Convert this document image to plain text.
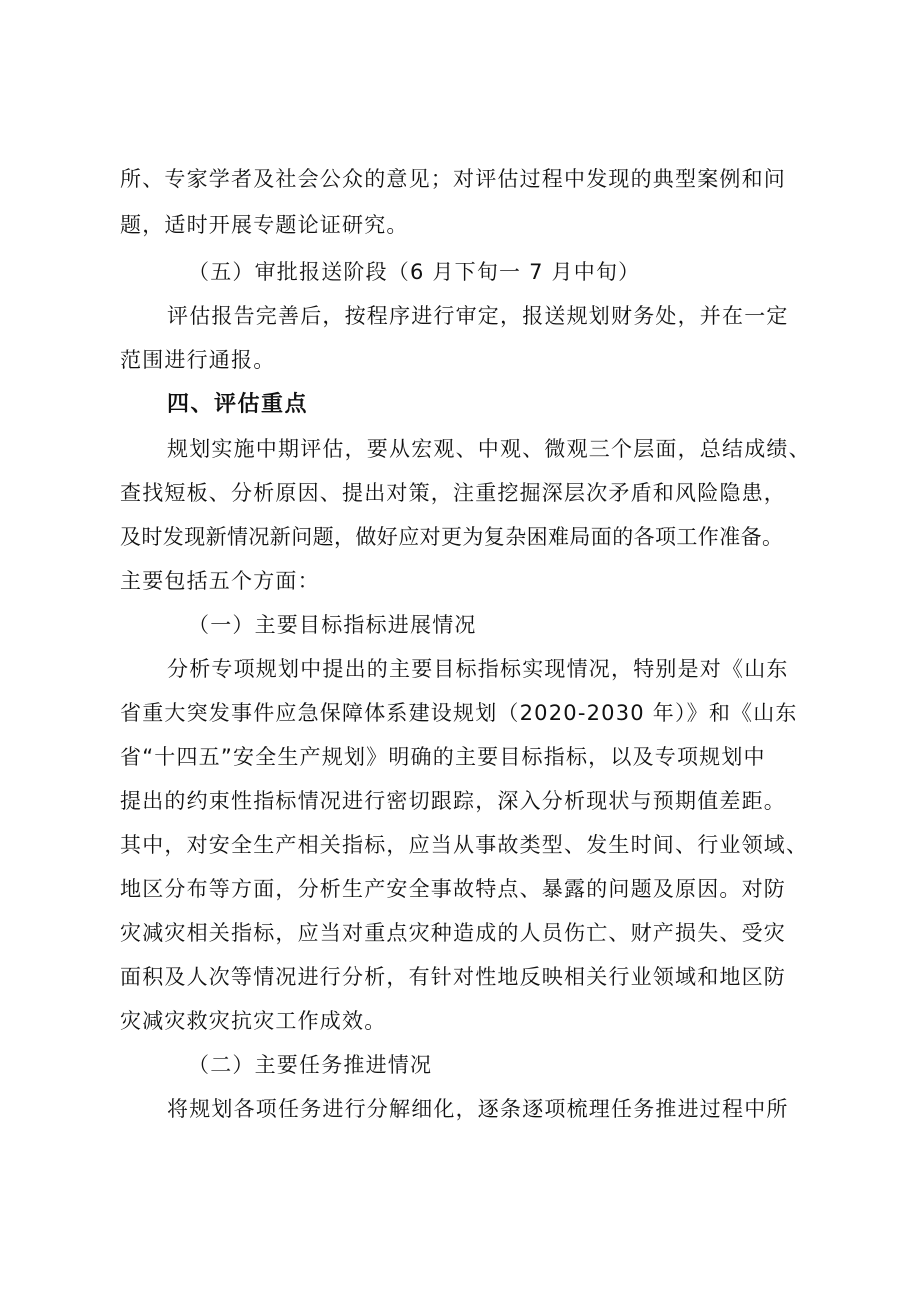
所、专家学者及社会公众的意见；对评估过程中发现的典型案例和问
题，适时开展专题论证研究。
（五）审批报送阶段（6 月下旬一 7 月中旬）
评估报告完善后，按程序进行审定，报送规划财务处，并在一定
范围进行通报。
四、评估重点
规划实施中期评估，要从宏观、中观、微观三个层面，总结成绩、
查找短板、分析原因、提出对策，注重挖掘深层次矛盾和风险隐患，
及时发现新情况新问题，做好应对更为复杂困难局面的各项工作准备。
主要包括五个方面：
（一）主要目标指标进展情况
分析专项规划中提出的主要目标指标实现情况，特别是对《山东
省重大突发事件应急保障体系建设规划（2020-2030 年）》和《山东
省“十四五”安全生产规划》明确的主要目标指标，以及专项规划中
提出的约束性指标情况进行密切跟踪，深入分析现状与预期值差距。
其中，对安全生产相关指标，应当从事故类型、发生时间、行业领域、
地区分布等方面，分析生产安全事故特点、暴露的问题及原因。对防
灾减灾相关指标，应当对重点灾种造成的人员伤亡、财产损失、受灾
面积及人次等情况进行分析，有针对性地反映相关行业领域和地区防
灾减灾救灾抗灾工作成效。
（二）主要任务推进情况
将规划各项任务进行分解细化，逐条逐项梳理任务推进过程中所
